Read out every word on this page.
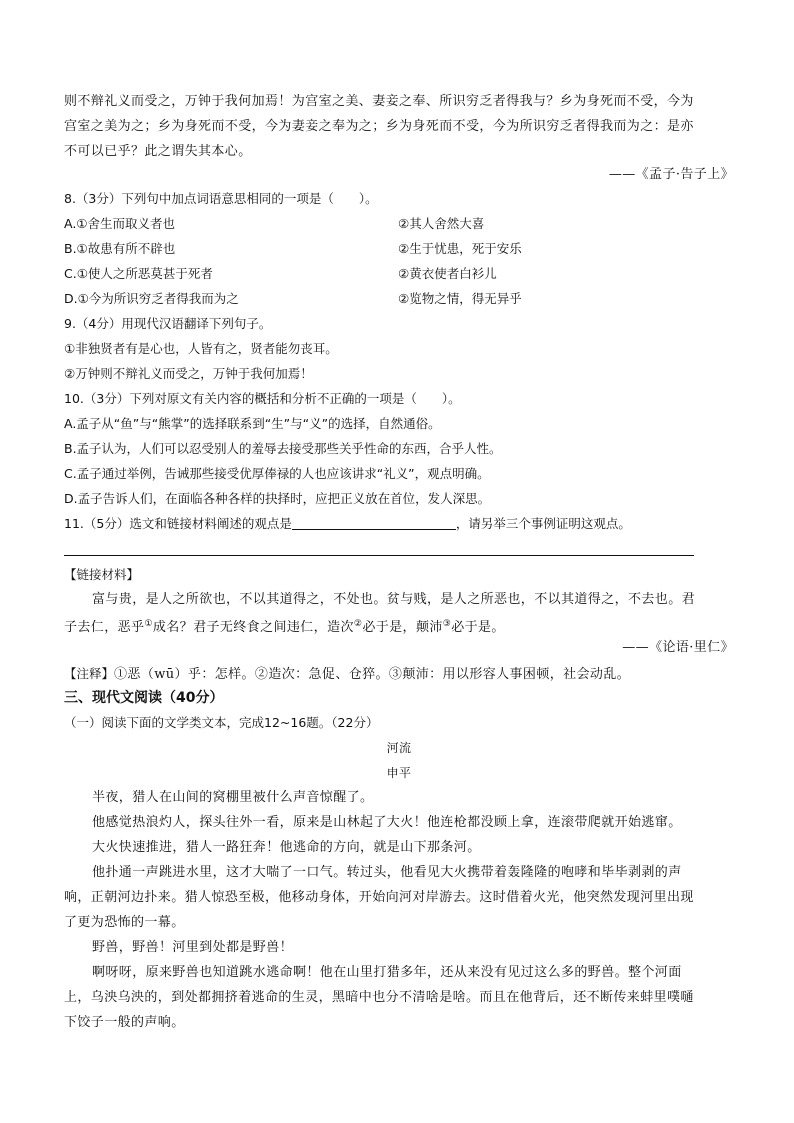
则不辩礼义而受之，万钟于我何加焉！为宫室之美、妻妾之奉、所识穷乏者得我与？乡为身死而不受，今为
宫室之美为之；乡为身死而不受，今为妻妾之奉为之；乡为身死而不受，今为所识穷乏者得我而为之：是亦
不可以已乎？此之谓失其本心。
——《孟子·告子上》
8.（3分）下列句中加点词语意思相同的一项是（　　）。
A.①舍生而取义者也	②其人舍然大喜
B.①故患有所不辟也	②生于忧患，死于安乐
C.①使人之所恶莫甚于死者	②黄衣使者白衫儿
D.①今为所识穷乏者得我而为之	②览物之情，得无异乎
9.（4分）用现代汉语翻译下列句子。
①非独贤者有是心也，人皆有之，贤者能勿丧耳。
②万钟则不辩礼义而受之，万钟于我何加焉！
10.（3分）下列对原文有关内容的概括和分析不正确的一项是（　　）。
A.孟子从“鱼”与“熊掌”的选择联系到“生”与“义”的选择，自然通俗。
B.孟子认为，人们可以忍受别人的羞辱去接受那些关乎性命的东西，合乎人性。
C.孟子通过举例，告诫那些接受优厚俸禄的人也应该讲求“礼义”，观点明确。
D.孟子告诉人们，在面临各种各样的抉择时，应把正义放在首位，发人深思。
11.（5分）选文和链接材料阐述的观点是	，请另举三个事例证明这观点。
【链接材料】
富与贵，是人之所欲也，不以其道得之，不处也。贫与贱，是人之所恶也，不以其道得之，不去也。君
子去仁，恶乎①成名？君子无终食之间违仁，造次②必于是，颠沛③必于是。
——《论语·里仁》
【注释】①恶（wū）乎：怎样。②造次：急促、仓猝。③颠沛：用以形容人事困顿，社会动乱。
三、现代文阅读（40分）
（一）阅读下面的文学类文本，完成12~16题。（22分）
河流
申平
半夜，猎人在山间的窝棚里被什么声音惊醒了。
他感觉热浪灼人，探头往外一看，原来是山林起了大火！他连枪都没顾上拿，连滚带爬就开始逃窜。
大火快速推进，猎人一路狂奔！他逃命的方向，就是山下那条河。
他扑通一声跳进水里，这才大喘了一口气。转过头，他看见大火携带着轰隆隆的咆哮和毕毕剥剥的声
响，正朝河边扑来。猎人惊恐至极，他移动身体，开始向河对岸游去。这时借着火光，他突然发现河里出现
了更为恐怖的一幕。
野兽，野兽！河里到处都是野兽！
啊呀呀，原来野兽也知道跳水逃命啊！他在山里打猎多年，还从来没有见过这么多的野兽。整个河面
上，乌泱乌泱的，到处都拥挤着逃命的生灵，黑暗中也分不清啥是啥。而且在他背后，还不断传来蚌里噗嗵
下饺子一般的声响。
